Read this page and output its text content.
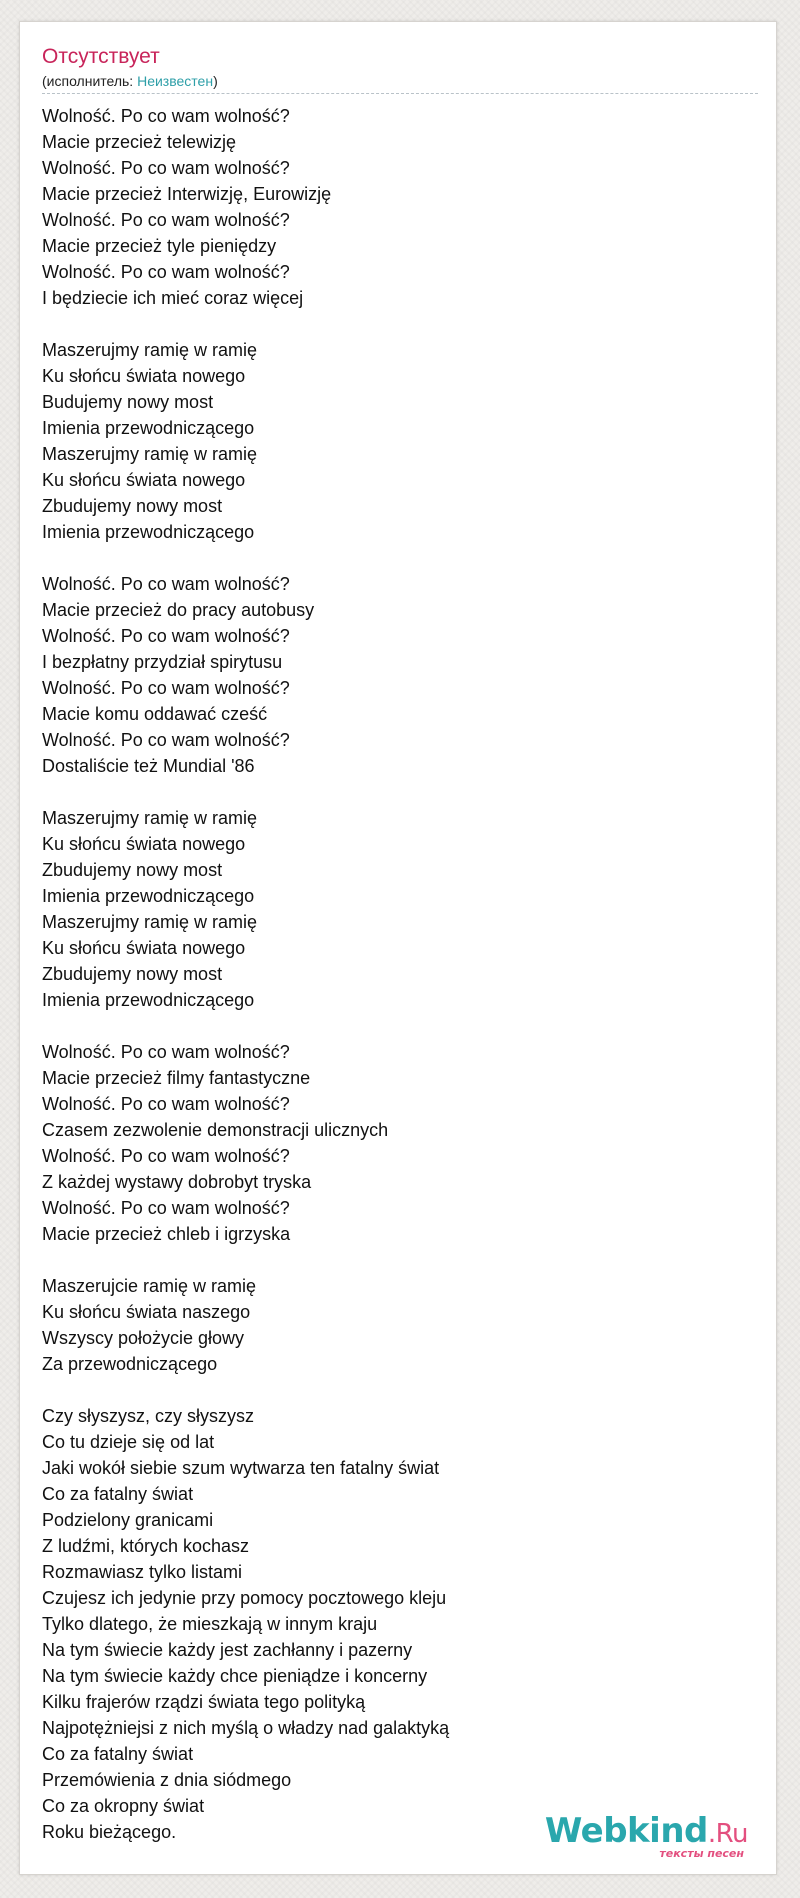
Отсутствует
(исполнитель: Неизвестен)
Wolność. Po co wam wolność?
Macie przecież telewizję
Wolność. Po co wam wolność?
Macie przecież Interwizję, Eurowizję
Wolność. Po co wam wolność?
Macie przecież tyle pieniędzy
Wolność. Po co wam wolność?
I będziecie ich mieć coraz więcej
Maszerujmy ramię w ramię
Ku słońcu świata nowego
Budujemy nowy most
Imienia przewodniczącego
Maszerujmy ramię w ramię
Ku słońcu świata nowego
Zbudujemy nowy most
Imienia przewodniczącego
Wolność. Po co wam wolność?
Macie przecież do pracy autobusy
Wolność. Po co wam wolność?
I bezpłatny przydział spirytusu
Wolność. Po co wam wolność?
Macie komu oddawać cześć
Wolność. Po co wam wolność?
Dostaliście też Mundial '86
Maszerujmy ramię w ramię
Ku słońcu świata nowego
Zbudujemy nowy most
Imienia przewodniczącego
Maszerujmy ramię w ramię
Ku słońcu świata nowego
Zbudujemy nowy most
Imienia przewodniczącego
Wolność. Po co wam wolność?
Macie przecież filmy fantastyczne
Wolność. Po co wam wolność?
Czasem zezwolenie demonstracji ulicznych
Wolność. Po co wam wolność?
Z każdej wystawy dobrobyt tryska
Wolność. Po co wam wolność?
Macie przecież chleb i igrzyska
Maszerujcie ramię w ramię
Ku słońcu świata naszego
Wszyscy położycie głowy
Za przewodniczącego
Czy słyszysz, czy słyszysz
Co tu dzieje się od lat
Jaki wokół siebie szum wytwarza ten fatalny świat
Co za fatalny świat
Podzielony granicami
Z ludźmi, których kochasz
Rozmawiasz tylko listami
Czujesz ich jedynie przy pomocy pocztowego kleju
Tylko dlatego, że mieszkają w innym kraju
Na tym świecie każdy jest zachłanny i pazerny
Na tym świecie każdy chce pieniądze i koncerny
Kilku frajerów rządzi świata tego polityką
Najpotężniejsi z nich myślą o władzy nad galaktyką
Co za fatalny świat
Przemówienia z dnia siódmego
Co za okropny świat
Roku bieżącego.	Webkind.Ru
тексты песен
